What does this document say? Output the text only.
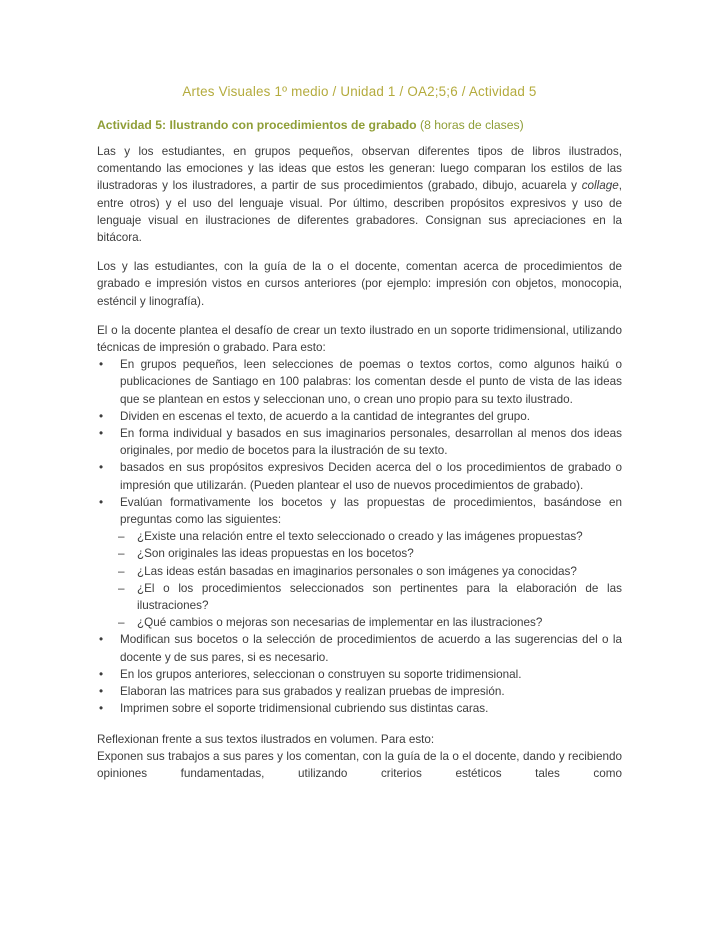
Artes Visuales 1º medio / Unidad 1 / OA2;5;6 / Actividad 5
Actividad 5: Ilustrando con procedimientos de grabado (8 horas de clases)

Las y los estudiantes, en grupos pequeños, observan diferentes tipos de libros ilustrados, comentando las emociones y las ideas que estos les generan: luego comparan los estilos de las ilustradoras y los ilustradores, a partir de sus procedimientos (grabado, dibujo, acuarela y collage, entre otros) y el uso del lenguaje visual. Por último, describen propósitos expresivos y uso de lenguaje visual en ilustraciones de diferentes grabadores. Consignan sus apreciaciones en la bitácora.

Los y las estudiantes, con la guía de la o el docente, comentan acerca de procedimientos de grabado e impresión vistos en cursos anteriores (por ejemplo: impresión con objetos, monocopia, esténcil y linografía).

El o la docente plantea el desafío de crear un texto ilustrado en un soporte tridimensional, utilizando técnicas de impresión o grabado. Para esto:

•	En grupos pequeños, leen selecciones de poemas o textos cortos, como algunos haikú o publicaciones de Santiago en 100 palabras: los comentan desde el punto de vista de las ideas que se plantean en estos y seleccionan uno, o crean uno propio para su texto ilustrado.
•	Dividen en escenas el texto, de acuerdo a la cantidad de integrantes del grupo.
•	En forma individual y basados en sus imaginarios personales, desarrollan al menos dos ideas originales, por medio de bocetos para la ilustración de su texto.
•	basados en sus propósitos expresivos Deciden acerca del o los procedimientos de grabado o impresión que utilizarán. (Pueden plantear el uso de nuevos procedimientos de grabado).
•	Evalúan formativamente los bocetos y las propuestas de procedimientos, basándose en preguntas como las siguientes:
–	¿Existe una relación entre el texto seleccionado o creado y las imágenes propuestas?
–	¿Son originales las ideas propuestas en los bocetos?
–	¿Las ideas están basadas en imaginarios personales o son imágenes ya conocidas?
–	¿El o los procedimientos seleccionados son pertinentes para la elaboración de las ilustraciones?
–	¿Qué cambios o mejoras son necesarias de implementar en las ilustraciones?
•	Modifican sus bocetos o la selección de procedimientos de acuerdo a las sugerencias del o la docente y de sus pares, si es necesario.
•	En los grupos anteriores, seleccionan o construyen su soporte tridimensional.
•	Elaboran las matrices para sus grabados y realizan pruebas de impresión.
•	Imprimen sobre el soporte tridimensional cubriendo sus distintas caras.

Reflexionan frente a sus textos ilustrados en volumen. Para esto:

Exponen sus trabajos a sus pares y los comentan, con la guía de la o el docente, dando y recibiendo opiniones fundamentadas, utilizando criterios estéticos tales como
